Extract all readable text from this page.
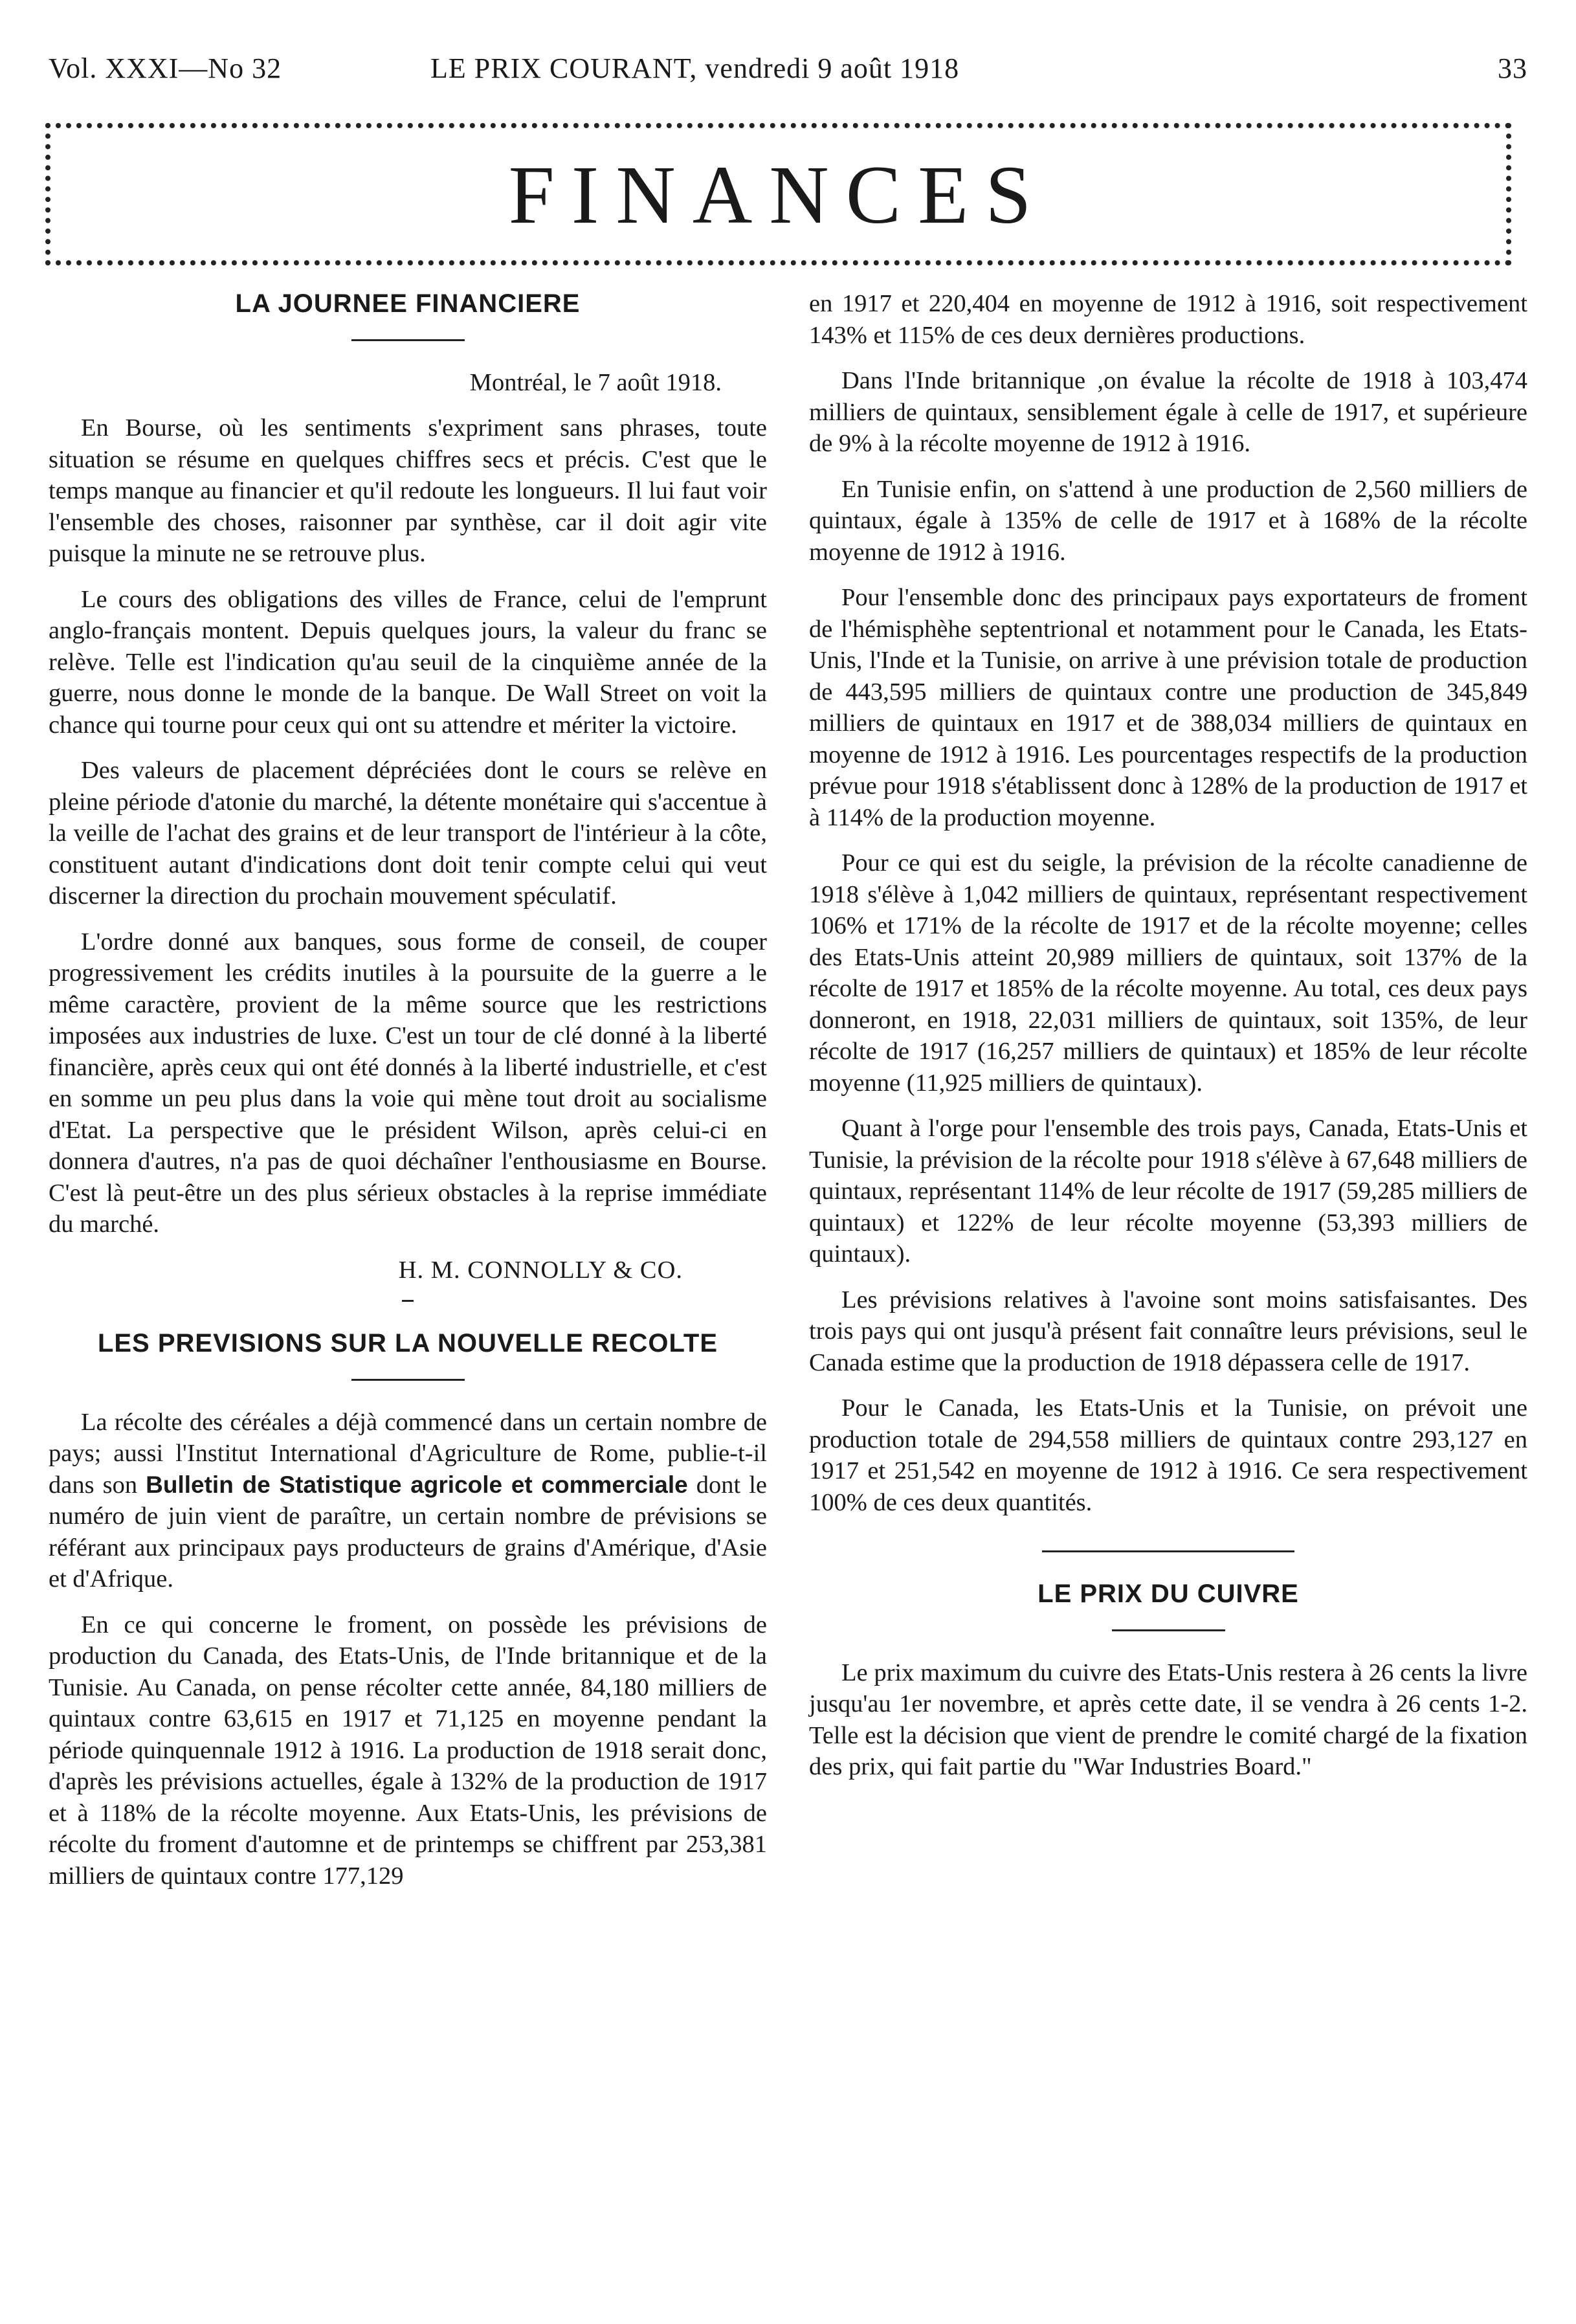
Vol. XXXI—No 32	LE PRIX COURANT, vendredi 9 août 1918	33
FINANCES
LA JOURNEE FINANCIERE

Montréal, le 7 août 1918.

En Bourse, où les sentiments s'expriment sans phrases, toute situation se résume en quelques chiffres secs et précis. C'est que le temps manque au financier et qu'il redoute les longueurs. Il lui faut voir l'ensemble des choses, raisonner par synthèse, car il doit agir vite puisque la minute ne se retrouve plus.

Le cours des obligations des villes de France, celui de l'emprunt anglo-français montent. Depuis quelques jours, la valeur du franc se relève. Telle est l'indication qu'au seuil de la cinquième année de la guerre, nous donne le monde de la banque. De Wall Street on voit la chance qui tourne pour ceux qui ont su attendre et mériter la victoire.

Des valeurs de placement dépréciées dont le cours se relève en pleine période d'atonie du marché, la détente monétaire qui s'accentue à la veille de l'achat des grains et de leur transport de l'intérieur à la côte, constituent autant d'indications dont doit tenir compte celui qui veut discerner la direction du prochain mouvement spéculatif.

L'ordre donné aux banques, sous forme de conseil, de couper progressivement les crédits inutiles à la poursuite de la guerre a le même caractère, provient de la même source que les restrictions imposées aux industries de luxe. C'est un tour de clé donné à la liberté financière, après ceux qui ont été donnés à la liberté industrielle, et c'est en somme un peu plus dans la voie qui mène tout droit au socialisme d'Etat. La perspective que le président Wilson, après celui-ci en donnera d'autres, n'a pas de quoi déchaîner l'enthousiasme en Bourse. C'est là peut-être un des plus sérieux obstacles à la reprise immédiate du marché.

H. M. CONNOLLY & CO.

LES PREVISIONS SUR LA NOUVELLE RECOLTE

La récolte des céréales a déjà commencé dans un certain nombre de pays; aussi l'Institut International d'Agriculture de Rome, publie-t-il dans son Bulletin de Statistique agricole et commerciale dont le numéro de juin vient de paraître, un certain nombre de prévisions se référant aux principaux pays producteurs de grains d'Amérique, d'Asie et d'Afrique.

En ce qui concerne le froment, on possède les prévisions de production du Canada, des Etats-Unis, de l'Inde britannique et de la Tunisie. Au Canada, on pense récolter cette année, 84,180 milliers de quintaux contre 63,615 en 1917 et 71,125 en moyenne pendant la période quinquennale 1912 à 1916. La production de 1918 serait donc, d'après les prévisions actuelles, égale à 132% de la production de 1917 et à 118% de la récolte moyenne. Aux Etats-Unis, les prévisions de récolte du froment d'automne et de printemps se chiffrent par 253,381 milliers de quintaux contre 177,129

en 1917 et 220,404 en moyenne de 1912 à 1916, soit respectivement 143% et 115% de ces deux dernières productions.

Dans l'Inde britannique ,on évalue la récolte de 1918 à 103,474 milliers de quintaux, sensiblement égale à celle de 1917, et supérieure de 9% à la récolte moyenne de 1912 à 1916.

En Tunisie enfin, on s'attend à une production de 2,560 milliers de quintaux, égale à 135% de celle de 1917 et à 168% de la récolte moyenne de 1912 à 1916.

Pour l'ensemble donc des principaux pays exportateurs de froment de l'hémisphèhe septentrional et notamment pour le Canada, les Etats-Unis, l'Inde et la Tunisie, on arrive à une prévision totale de production de 443,595 milliers de quintaux contre une production de 345,849 milliers de quintaux en 1917 et de 388,034 milliers de quintaux en moyenne de 1912 à 1916. Les pourcentages respectifs de la production prévue pour 1918 s'établissent donc à 128% de la production de 1917 et à 114% de la production moyenne.

Pour ce qui est du seigle, la prévision de la récolte canadienne de 1918 s'élève à 1,042 milliers de quintaux, représentant respectivement 106% et 171% de la récolte de 1917 et de la récolte moyenne; celles des Etats-Unis atteint 20,989 milliers de quintaux, soit 137% de la récolte de 1917 et 185% de la récolte moyenne. Au total, ces deux pays donneront, en 1918, 22,031 milliers de quintaux, soit 135%, de leur récolte de 1917 (16,257 milliers de quintaux) et 185% de leur récolte moyenne (11,925 milliers de quintaux).

Quant à l'orge pour l'ensemble des trois pays, Canada, Etats-Unis et Tunisie, la prévision de la récolte pour 1918 s'élève à 67,648 milliers de quintaux, représentant 114% de leur récolte de 1917 (59,285 milliers de quintaux) et 122% de leur récolte moyenne (53,393 milliers de quintaux).

Les prévisions relatives à l'avoine sont moins satisfaisantes. Des trois pays qui ont jusqu'à présent fait connaître leurs prévisions, seul le Canada estime que la production de 1918 dépassera celle de 1917.

Pour le Canada, les Etats-Unis et la Tunisie, on prévoit une production totale de 294,558 milliers de quintaux contre 293,127 en 1917 et 251,542 en moyenne de 1912 à 1916. Ce sera respectivement 100% de ces deux quantités.

LE PRIX DU CUIVRE

Le prix maximum du cuivre des Etats-Unis restera à 26 cents la livre jusqu'au 1er novembre, et après cette date, il se vendra à 26 cents 1-2. Telle est la décision que vient de prendre le comité chargé de la fixation des prix, qui fait partie du "War Industries Board."
